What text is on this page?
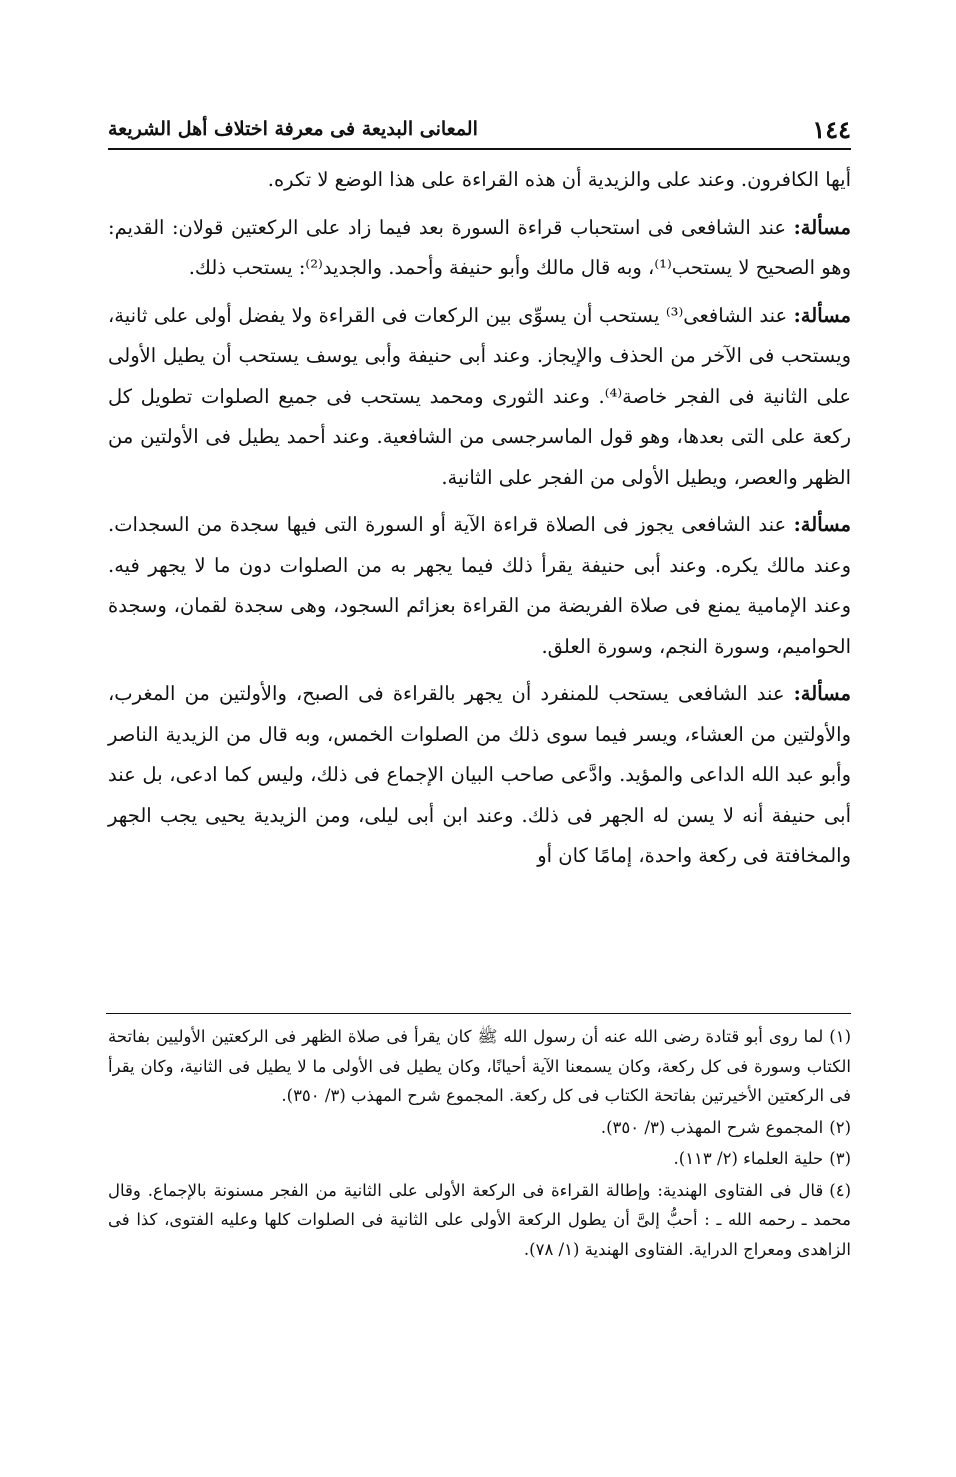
١٤٤
المعانى البديعة فى معرفة اختلاف أهل الشريعة

أيها الكافرون. وعند على والزيدية أن هذه القراءة على هذا الوضع لا تكره.

مسألة: عند الشافعى فى استحباب قراءة السورة بعد فيما زاد على الركعتين قولان: القديم: وهو الصحيح لا يستحب⁽¹⁾، وبه قال مالك وأبو حنيفة وأحمد. والجديد⁽²⁾: يستحب ذلك.

مسألة: عند الشافعى⁽³⁾ يستحب أن يسوِّى بين الركعات فى القراءة ولا يفضل أولى على ثانية، ويستحب فى الآخر من الحذف والإيجاز. وعند أبى حنيفة وأبى يوسف يستحب أن يطيل الأولى على الثانية فى الفجر خاصة⁽⁴⁾. وعند الثورى ومحمد يستحب فى جميع الصلوات تطويل كل ركعة على التى بعدها، وهو قول الماسرجسى من الشافعية. وعند أحمد يطيل فى الأولتين من الظهر والعصر، ويطيل الأولى من الفجر على الثانية.

مسألة: عند الشافعى يجوز فى الصلاة قراءة الآية أو السورة التى فيها سجدة من السجدات. وعند مالك يكره. وعند أبى حنيفة يقرأ ذلك فيما يجهر به من الصلوات دون ما لا يجهر فيه. وعند الإمامية يمنع فى صلاة الفريضة من القراءة بعزائم السجود، وهى سجدة لقمان، وسجدة الحواميم، وسورة النجم، وسورة العلق.

مسألة: عند الشافعى يستحب للمنفرد أن يجهر بالقراءة فى الصبح، والأولتين من المغرب، والأولتين من العشاء، ويسر فيما سوى ذلك من الصلوات الخمس، وبه قال من الزيدية الناصر وأبو عبد الله الداعى والمؤيد. وادَّعى صاحب البيان الإجماع فى ذلك، وليس كما ادعى، بل عند أبى حنيفة أنه لا يسن له الجهر فى ذلك. وعند ابن أبى ليلى، ومن الزيدية يحيى يجب الجهر والمخافتة فى ركعة واحدة، إمامًا كان أو

(١)لما روى أبو قتادة رضى الله عنه أن رسول الله ﷺ كان يقرأ فى صلاة الظهر فى الركعتين الأوليين بفاتحة الكتاب وسورة فى كل ركعة، وكان يسمعنا الآية أحيانًا، وكان يطيل فى الأولى ما لا يطيل فى الثانية، وكان يقرأ فى الركعتين الأخيرتين بفاتحة الكتاب فى كل ركعة. المجموع شرح المهذب (٣/ ٣٥٠).

(٢)المجموع شرح المهذب (٣/ ٣٥٠).

(٣)حلية العلماء (٢/ ١١٣).

(٤)قال فى الفتاوى الهندية: وإطالة القراءة فى الركعة الأولى على الثانية من الفجر مسنونة بالإجماع. وقال محمد ـ رحمه الله ـ : أحبُّ إلىَّ أن يطول الركعة الأولى على الثانية فى الصلوات كلها وعليه الفتوى، كذا فى الزاهدى ومعراج الدراية. الفتاوى الهندية (١/ ٧٨).
